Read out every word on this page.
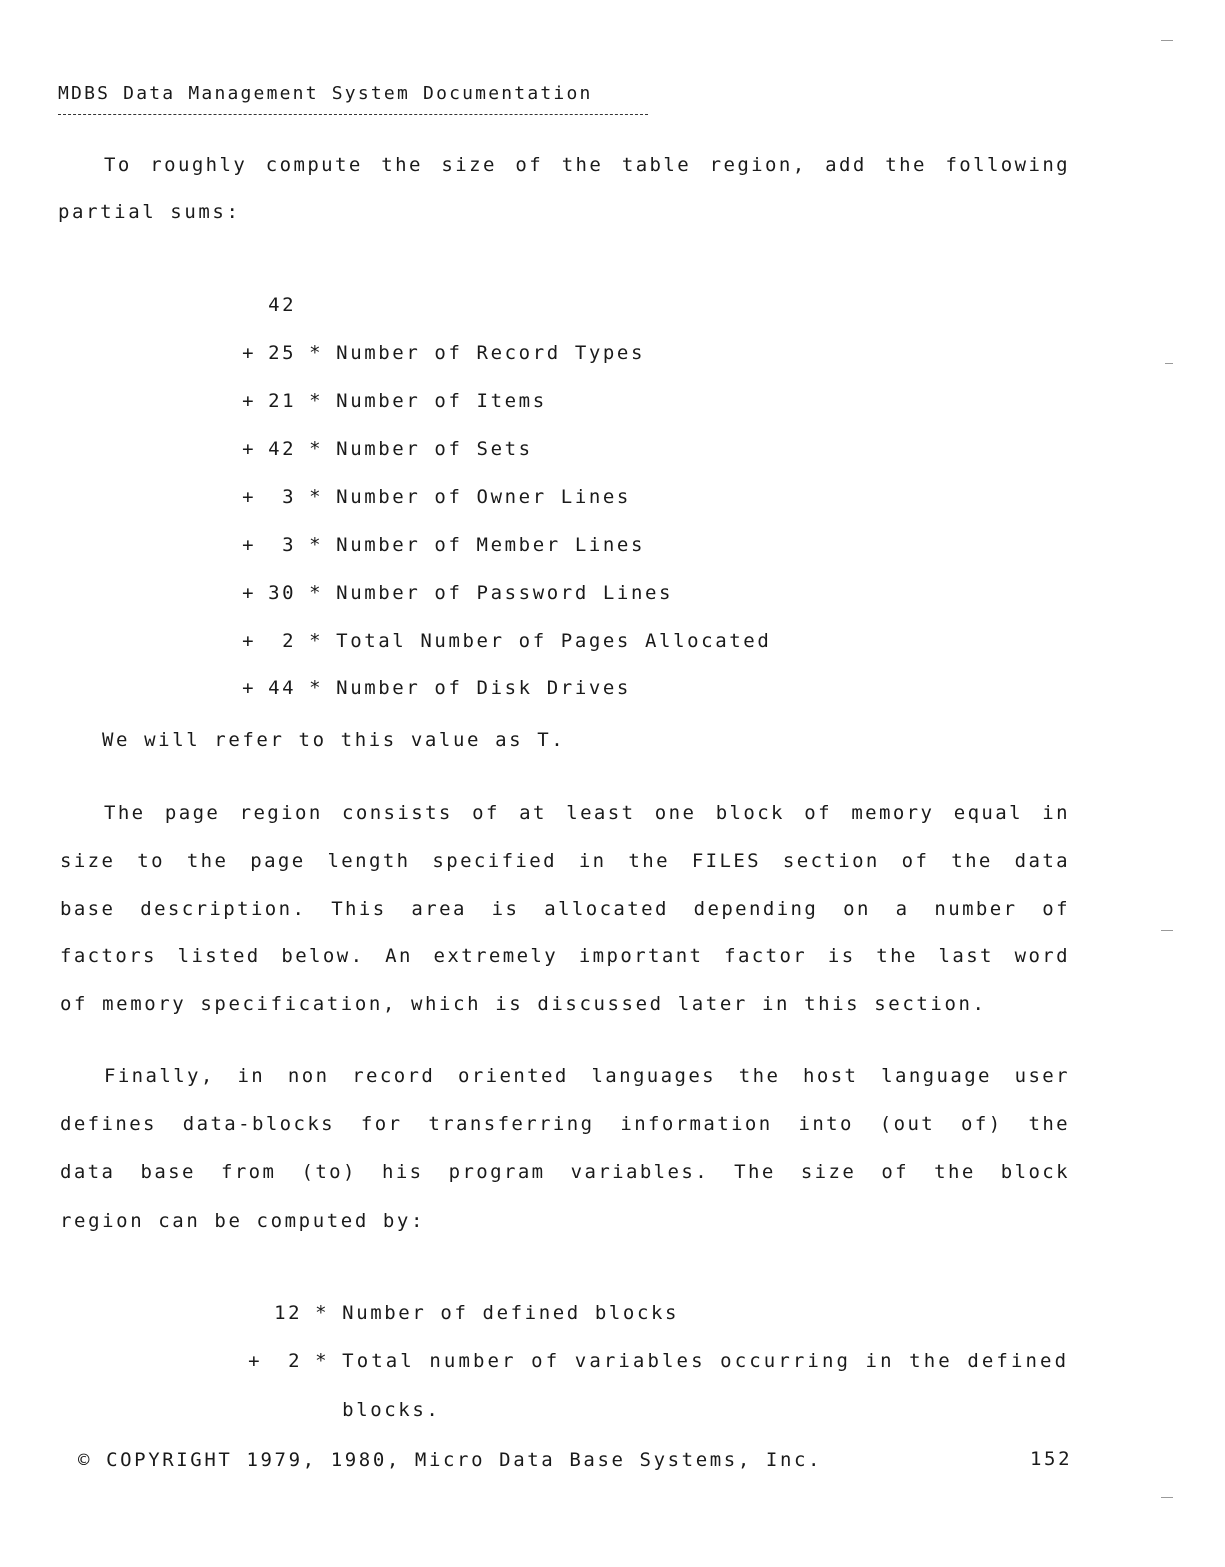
MDBS Data Management System Documentation
To roughly compute the size of the table region, add the following
partial sums:

42

+ 25 * Number of Record Types

+ 21 * Number of Items

+ 42 * Number of Sets

+ 3 * Number of Owner Lines

+ 3 * Number of Member Lines

+ 30 * Number of Password Lines

+ 2 * Total Number of Pages Allocated

+ 44 * Number of Disk Drives

We will refer to this value as T.
The page region consists of at least one block of memory equal in
size to the page length specified in the FILES section of the data
base description. This area is allocated depending on a number of
factors listed below. An extremely important factor is the last word
of memory specification, which is discussed later in this section.
Finally, in non record oriented languages the host language user
defines data-blocks for transferring information into (out of) the
data base from (to) his program variables. The size of the block
region can be computed by:

12 * Number of defined blocks

+ 2 * Total number of variables occurring in the defined

blocks.

© COPYRIGHT 1979, 1980, Micro Data Base Systems, Inc.	152
